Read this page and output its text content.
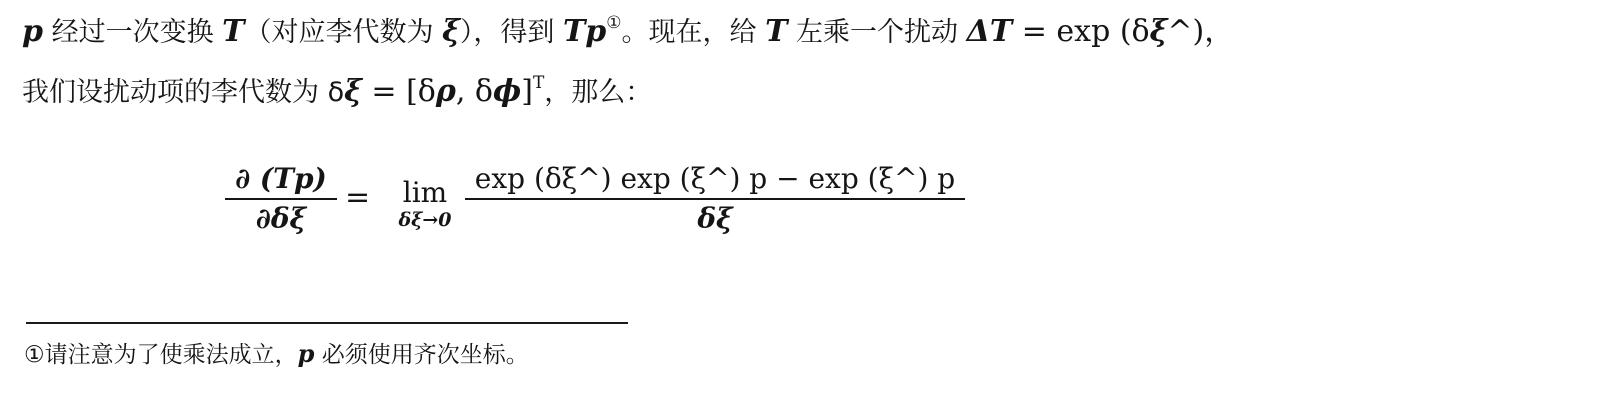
p 经过一次变换 T（对应李代数为 ξ），得到 Tp①。现在，给 T 左乘一个扰动 ΔT = exp (δξ^)，
我们设扰动项的李代数为 δξ = [δρ, δϕ]$^T$，那么：
∂ (Tp)
∂δξ
=	lim
δξ→0
exp (δξ^) exp (ξ^) p − exp (ξ^) p
δξ
①请注意为了使乘法成立，p 必须使用齐次坐标。
